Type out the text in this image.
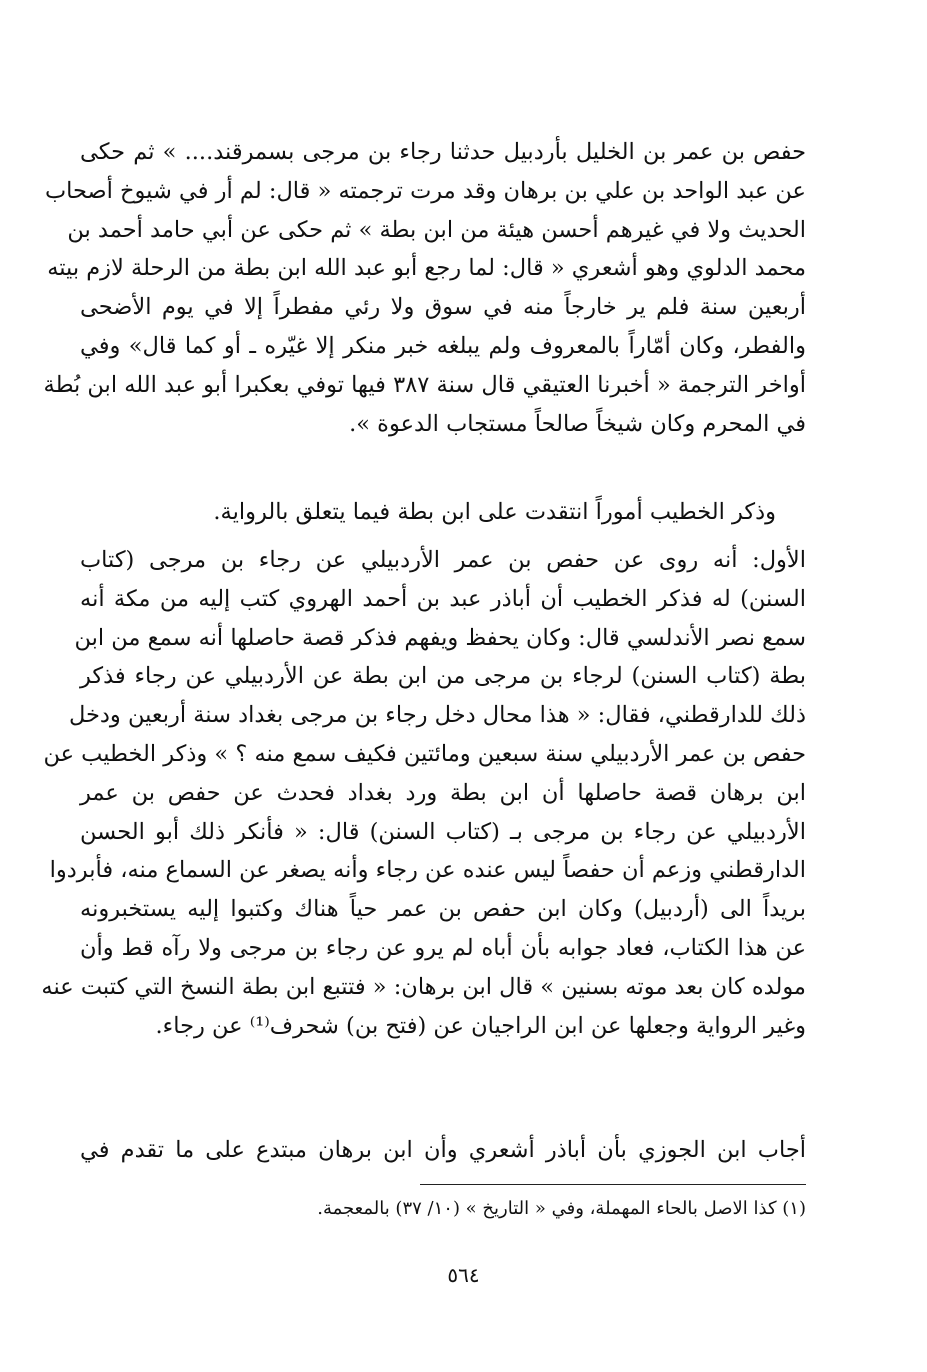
حفص بن عمر بن الخليل بأردبيل حدثنا رجاء بن مرجى بسمرقند.... » ثم حكى
عن عبد الواحد بن علي بن برهان وقد مرت ترجمته « قال: لم أر في شيوخ أصحاب
الحديث ولا في غيرهم أحسن هيئة من ابن بطة » ثم حكى عن أبي حامد أحمد بن
محمد الدلوي وهو أشعري « قال: لما رجع أبو عبد الله ابن بطة من الرحلة لازم بيته
أربعين سنة فلم ير خارجاً منه في سوق ولا رئي مفطراً إلا في يوم الأضحى
والفطر، وكان أمّاراً بالمعروف ولم يبلغه خبر منكر إلا غيّره ـ أو كما قال» وفي
أواخر الترجمة « أخبرنا العتيقي قال سنة ٣٨٧ فيها توفي بعكبرا أبو عبد الله ابن بُطة
في المحرم وكان شيخاً صالحاً مستجاب الدعوة ».
وذكر الخطيب أموراً انتقدت على ابن بطة فيما يتعلق بالرواية.
الأول: أنه روى عن حفص بن عمر الأردبيلي عن رجاء بن مرجى (كتاب
السنن) له فذكر الخطيب أن أباذر عبد بن أحمد الهروي كتب إليه من مكة أنه
سمع نصر الأندلسي قال: وكان يحفظ ويفهم فذكر قصة حاصلها أنه سمع من ابن
بطة (كتاب السنن) لرجاء بن مرجى من ابن بطة عن الأردبيلي عن رجاء فذكر
ذلك للدارقطني، فقال: « هذا محال دخل رجاء بن مرجى بغداد سنة أربعين ودخل
حفص بن عمر الأردبيلي سنة سبعين ومائتين فكيف سمع منه ؟ » وذكر الخطيب عن
ابن برهان قصة حاصلها أن ابن بطة ورد بغداد فحدث عن حفص بن عمر
الأردبيلي عن رجاء بن مرجى بـ (كتاب السنن) قال: « فأنكر ذلك أبو الحسن
الدارقطني وزعم أن حفصاً ليس عنده عن رجاء وأنه يصغر عن السماع منه، فأبردوا
بريداً الى (أردبيل) وكان ابن حفص بن عمر حياً هناك وكتبوا إليه يستخبرونه
عن هذا الكتاب، فعاد جوابه بأن أباه لم يرو عن رجاء بن مرجى ولا رآه قط وأن
مولده كان بعد موته بسنين » قال ابن برهان: « فتتبع ابن بطة النسخ التي كتبت عنه
وغير الرواية وجعلها عن ابن الراجيان عن (فتح بن) شحرف⁽¹⁾ عن رجاء.
أجاب ابن الجوزي بأن أباذر أشعري وأن ابن برهان مبتدع على ما تقدم في
(١) كذا الاصل بالحاء المهملة، وفي « التاريخ » (١٠/ ٣٧) بالمعجمة.
٥٦٤
